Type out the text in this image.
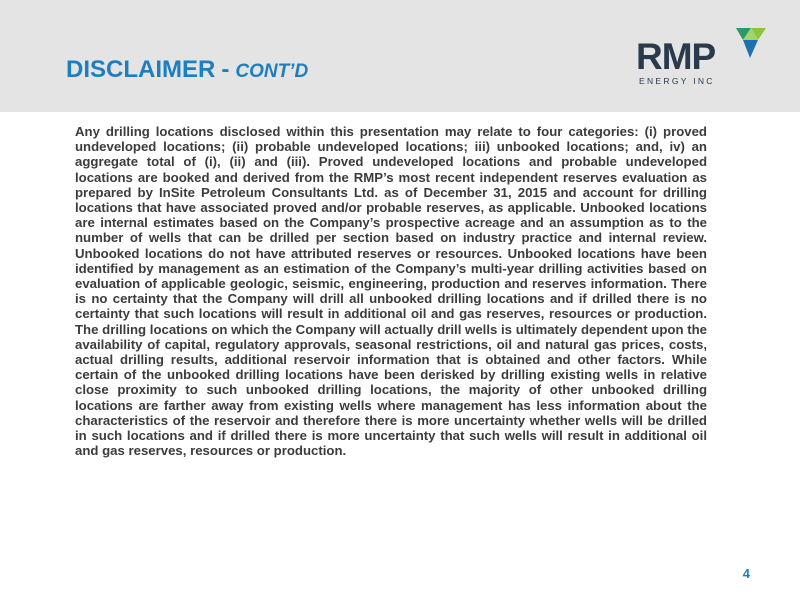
DISCLAIMER - CONT’D	RMP
ENERGY INC

Any drilling locations disclosed within this presentation may relate to four categories: (i) proved undeveloped locations; (ii) probable undeveloped locations; iii) unbooked locations; and, iv) an aggregate total of (i), (ii) and (iii). Proved undeveloped locations and probable undeveloped locations are booked and derived from the RMP’s most recent independent reserves evaluation as prepared by InSite Petroleum Consultants Ltd. as of December 31, 2015 and account for drilling locations that have associated proved and/or probable reserves, as applicable. Unbooked locations are internal estimates based on the Company’s prospective acreage and an assumption as to the number of wells that can be drilled per section based on industry practice and internal review. Unbooked locations do not have attributed reserves or resources. Unbooked locations have been identified by management as an estimation of the Company’s multi-year drilling activities based on evaluation of applicable geologic, seismic, engineering, production and reserves information. There is no certainty that the Company will drill all unbooked drilling locations and if drilled there is no certainty that such locations will result in additional oil and gas reserves, resources or production. The drilling locations on which the Company will actually drill wells is ultimately dependent upon the availability of capital, regulatory approvals, seasonal restrictions, oil and natural gas prices, costs, actual drilling results, additional reservoir information that is obtained and other factors. While certain of the unbooked drilling locations have been derisked by drilling existing wells in relative close proximity to such unbooked drilling locations, the majority of other unbooked drilling locations are farther away from existing wells where management has less information about the characteristics of the reservoir and therefore there is more uncertainty whether wells will be drilled in such locations and if drilled there is more uncertainty that such wells will result in additional oil and gas reserves, resources or production.

4
